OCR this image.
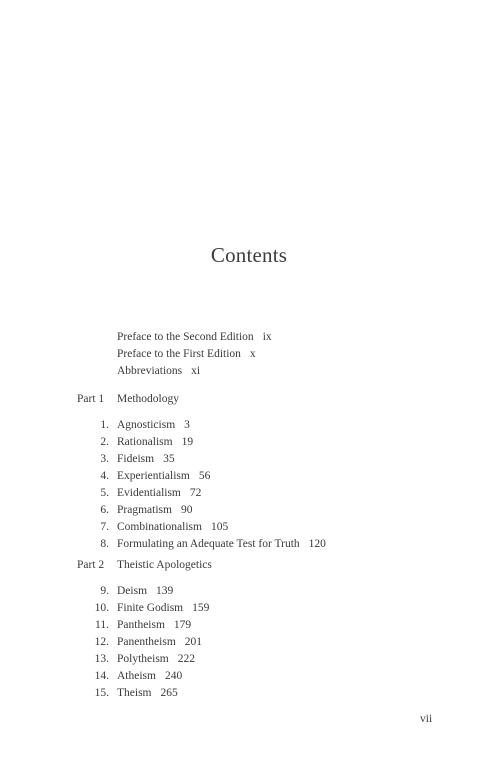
Contents
Preface to the Second Edition ix
Preface to the First Edition x
Abbreviations xi
Part 1 Methodology
1. Agnosticism 3
2. Rationalism 19
3. Fideism 35
4. Experientialism 56
5. Evidentialism 72
6. Pragmatism 90
7. Combinationalism 105
8. Formulating an Adequate Test for Truth 120
Part 2 Theistic Apologetics
9. Deism 139
10. Finite Godism 159
11. Pantheism 179
12. Panentheism 201
13. Polytheism 222
14. Atheism 240
15. Theism 265
vii
